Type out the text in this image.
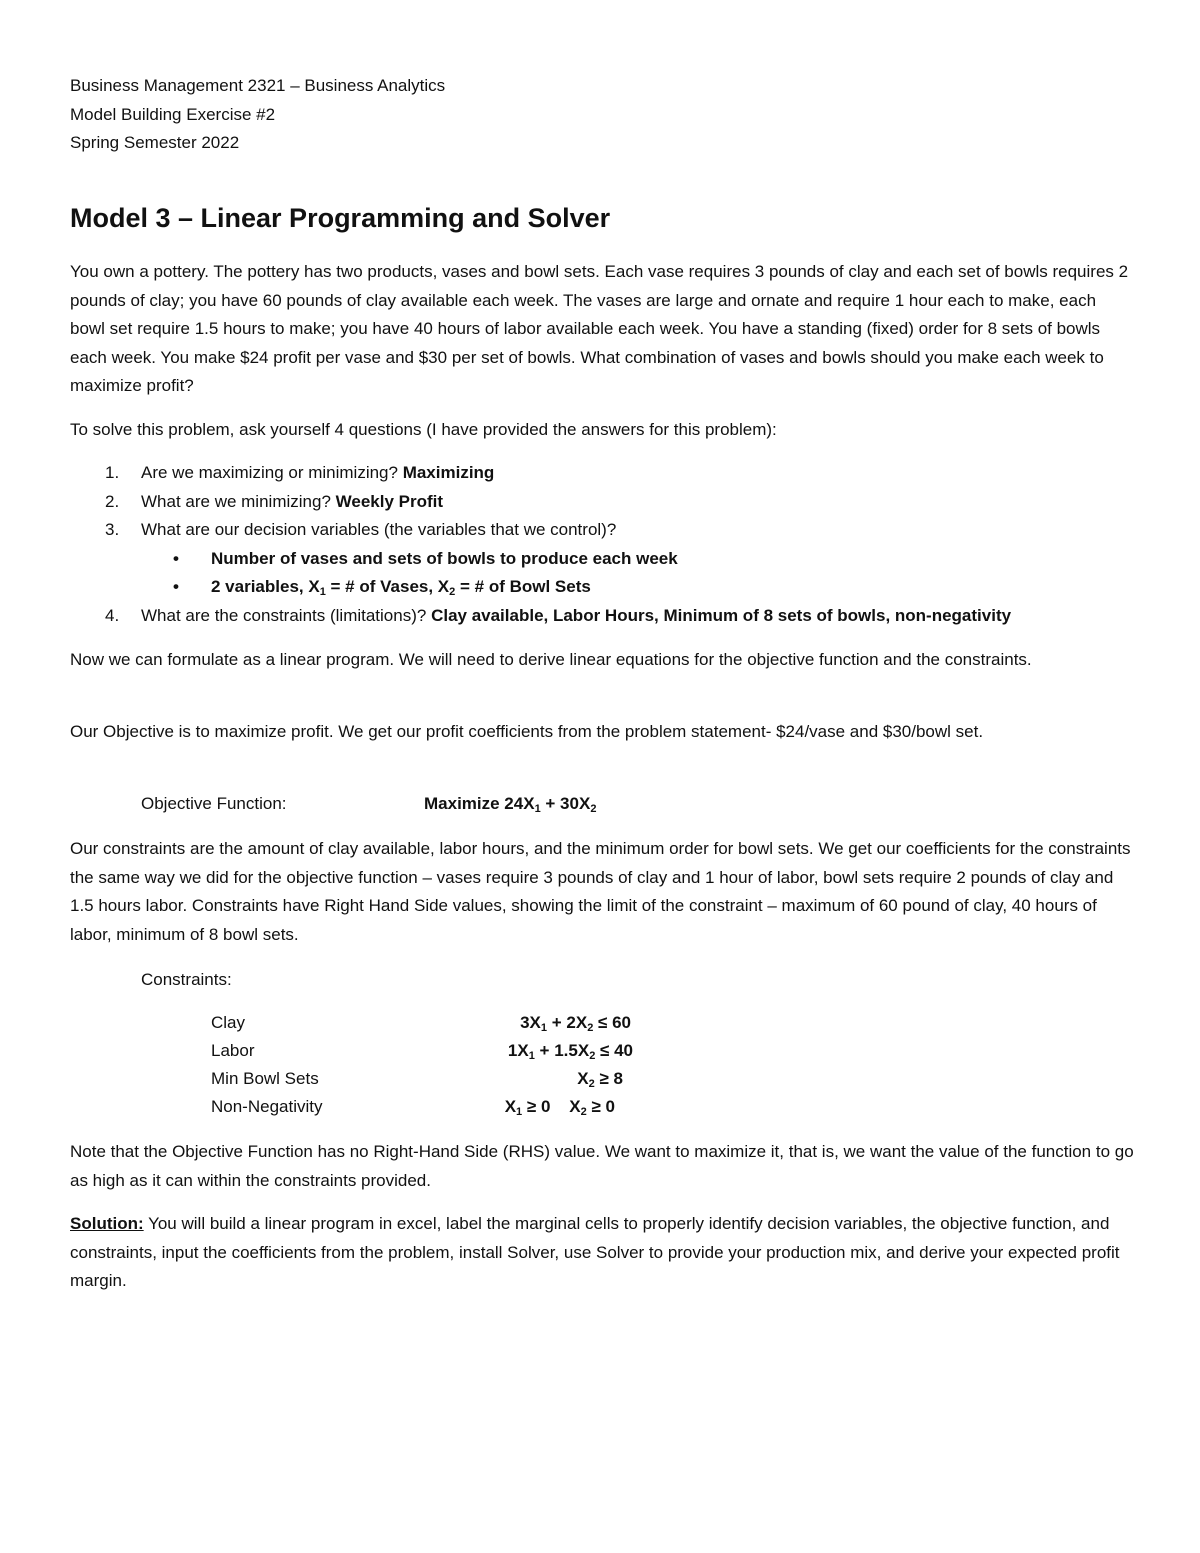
Business Management 2321 – Business Analytics
Model Building Exercise #2
Spring Semester 2022
Model 3 – Linear Programming and Solver

You own a pottery. The pottery has two products, vases and bowl sets. Each vase requires 3 pounds of clay and each set of bowls requires 2 pounds of clay; you have 60 pounds of clay available each week. The vases are large and ornate and require 1 hour each to make, each bowl set require 1.5 hours to make; you have 40 hours of labor available each week. You have a standing (fixed) order for 8 sets of bowls each week. You make $24 profit per vase and $30 per set of bowls. What combination of vases and bowls should you make each week to maximize profit?

To solve this problem, ask yourself 4 questions (I have provided the answers for this problem):

1. Are we maximizing or minimizing? Maximizing
2. What are we minimizing? Weekly Profit
3. What are our decision variables (the variables that we control)?
• Number of vases and sets of bowls to produce each week
• 2 variables, $X_1$ = # of Vases, $X_2$ = # of Bowl Sets
4. What are the constraints (limitations)? Clay available, Labor Hours, Minimum of 8 sets of bowls, non-negativity

Now we can formulate as a linear program. We will need to derive linear equations for the objective function and the constraints.

Our Objective is to maximize profit. We get our profit coefficients from the problem statement- $24/vase and $30/bowl set.

Objective Function:	Maximize $24X_1 + 30X_2$

Our constraints are the amount of clay available, labor hours, and the minimum order for bowl sets. We get our coefficients for the constraints the same way we did for the objective function – vases require 3 pounds of clay and 1 hour of labor, bowl sets require 2 pounds of clay and 1.5 hours labor. Constraints have Right Hand Side values, showing the limit of the constraint – maximum of 60 pound of clay, 40 hours of labor, minimum of 8 bowl sets.

Constraints:
Clay	$3X_1 + 2X_2 \le 60$
Labor	$1X_1 + 1.5X_2 \le 40$
Min Bowl Sets	$X_2 \ge 8$
Non-Negativity	$X_1 \ge 0$    $X_2 \ge 0$

Note that the Objective Function has no Right-Hand Side (RHS) value. We want to maximize it, that is, we want the value of the function to go as high as it can within the constraints provided.

Solution: You will build a linear program in excel, label the marginal cells to properly identify decision variables, the objective function, and constraints, input the coefficients from the problem, install Solver, use Solver to provide your production mix, and derive your expected profit margin.
